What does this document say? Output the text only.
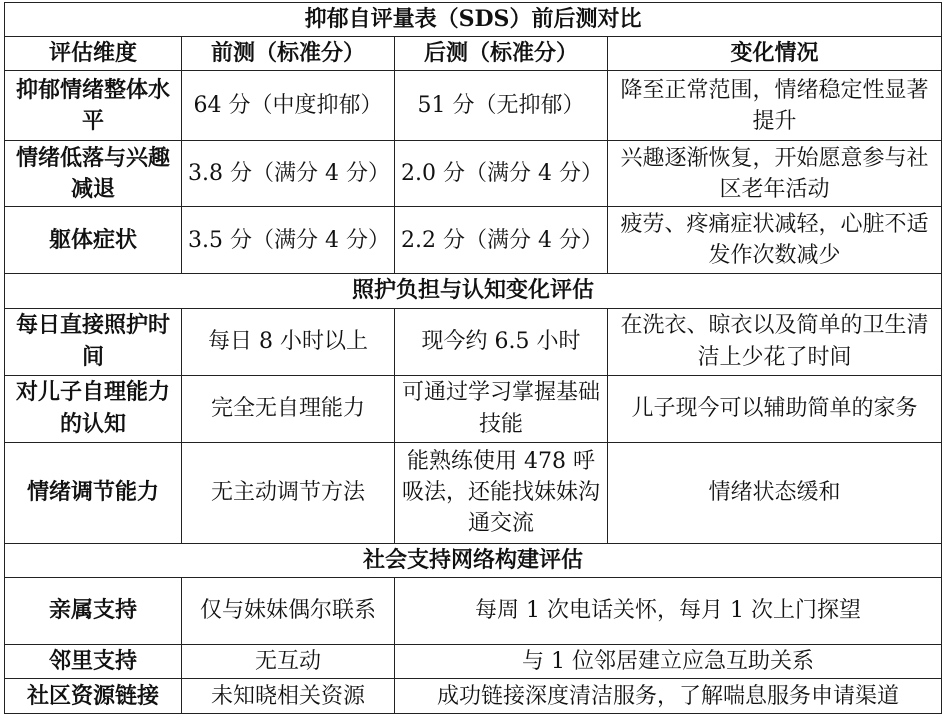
抑郁自评量表（SDS）前后测对比			
评估维度	前测（标准分）	后测（标准分）	变化情况
抑郁情绪整体水平	64 分（中度抑郁）	51 分（无抑郁）	降至正常范围，情绪稳定性显著提升
情绪低落与兴趣减退	3.8 分（满分 4 分）	2.0 分（满分 4 分）	兴趣逐渐恢复，开始愿意参与社区老年活动
躯体症状	3.5 分（满分 4 分）	2.2 分（满分 4 分）	疲劳、疼痛症状减轻，心脏不适发作次数减少
照护负担与认知变化评估			
每日直接照护时间	每日 8 小时以上	现今约 6.5 小时	在洗衣、晾衣以及简单的卫生清洁上少花了时间
对儿子自理能力的认知	完全无自理能力	可通过学习掌握基础技能	儿子现今可以辅助简单的家务
情绪调节能力	无主动调节方法	能熟练使用 478 呼吸法，还能找妹妹沟通交流	情绪状态缓和
社会支持网络构建评估			
亲属支持	仅与妹妹偶尔联系	每周 1 次电话关怀，每月 1 次上门探望	
邻里支持	无互动	与 1 位邻居建立应急互助关系	
社区资源链接	未知晓相关资源	成功链接深度清洁服务，了解喘息服务申请渠道	
